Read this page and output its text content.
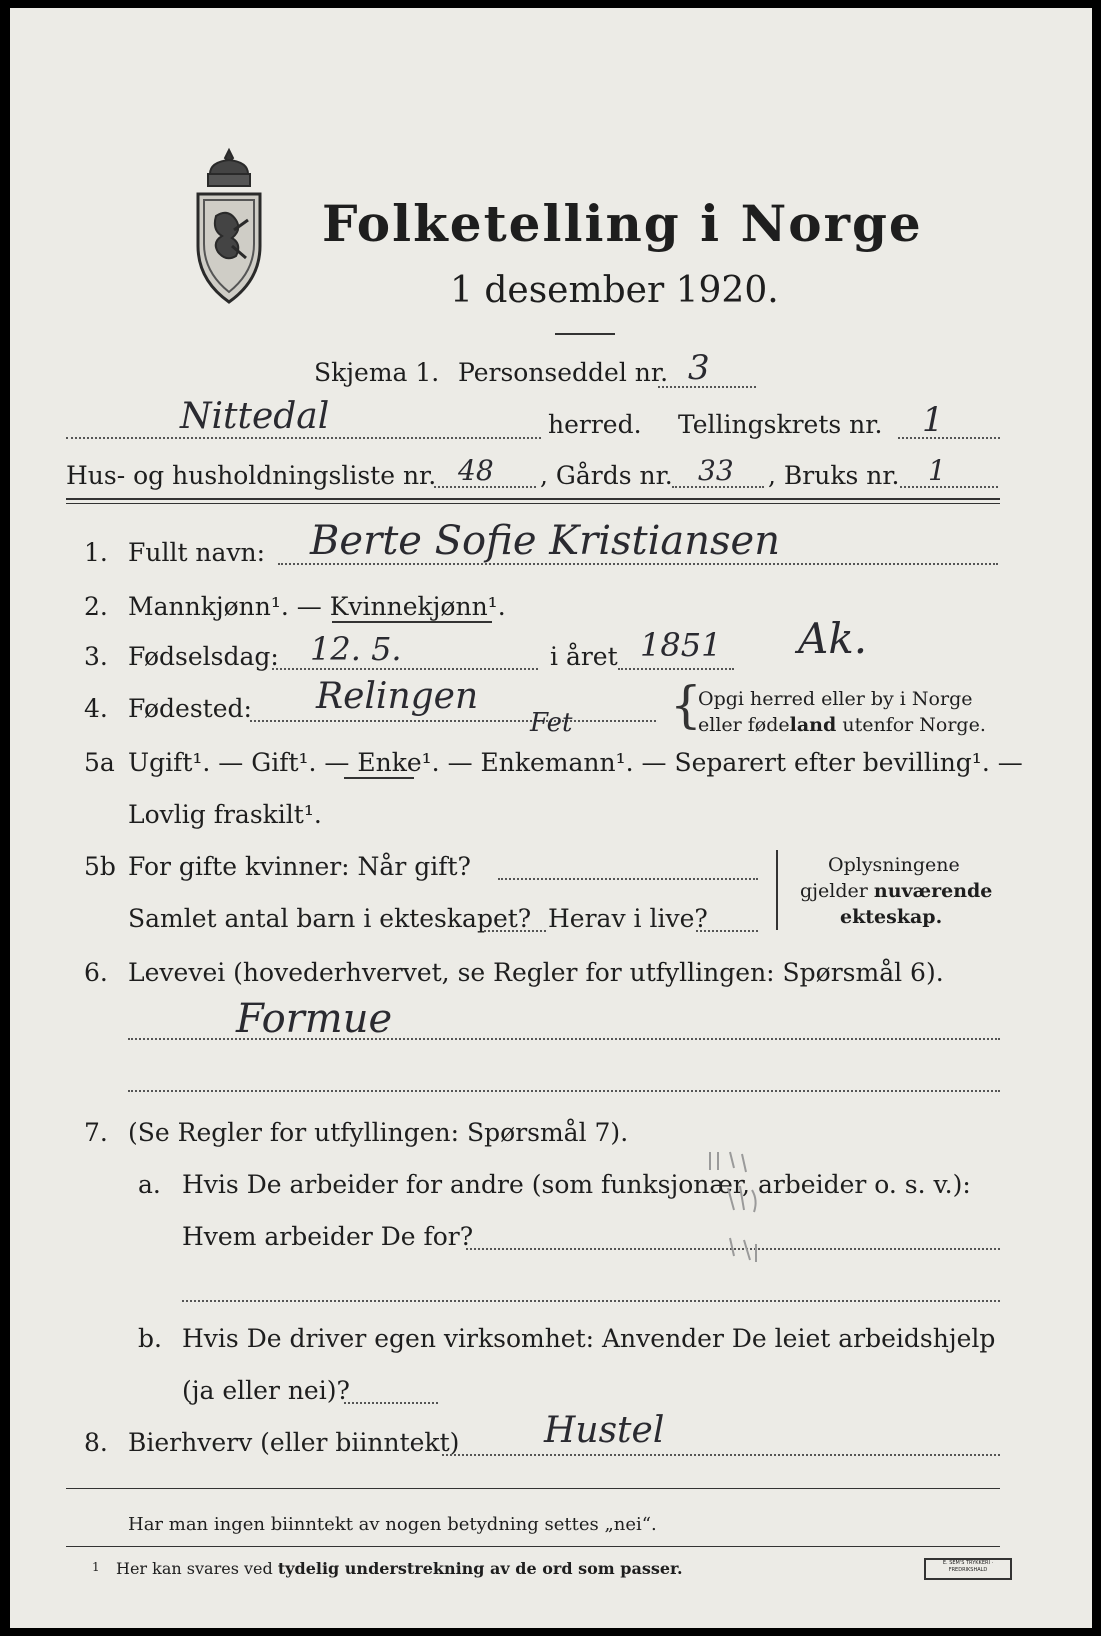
Folketelling i Norge
1 desember 1920.
Skjema 1. Personseddel nr. 3
Nittedal	herred. Tellingskrets nr. 1
Hus- og husholdningsliste nr. 48 , Gårds nr. 33 , Bruks nr. 1
1. Fullt navn: Berte Sofie Kristiansen
2. Mannkjønn¹. — Kvinnekjønn¹.
3. Fødselsdag: 12. 5.	i året 1851 Ak.
4. Fødested: Relingen
Fet {
Opgi herred eller by i Norge
eller fødeland utenfor Norge.
5a Ugift¹. — Gift¹. — Enke¹. — Enkemann¹. — Separert efter bevilling¹. —
Lovlig fraskilt¹.
5b For gifte kvinner: Når gift?
Samlet antal barn i ekteskapet? Herav i live?
Oplysningene
gjelder nuværende
ekteskap.
6. Levevei (hovederhvervet, se Regler for utfyllingen: Spørsmål 6).
Formue
7. (Se Regler for utfyllingen: Spørsmål 7).
a. Hvis De arbeider for andre (som funksjonær, arbeider o. s. v.):
Hvem arbeider De for?
b. Hvis De driver egen virksomhet: Anvender De leiet arbeidshjelp
(ja eller nei)?
8. Bierhverv (eller biinntekt) Hustel
Har man ingen biinntekt av nogen betydning settes „nei“.
1 Her kan svares ved tydelig understrekning av de ord som passer.	E. SEM'S TRYKKERI · FREDRIKSHALD
